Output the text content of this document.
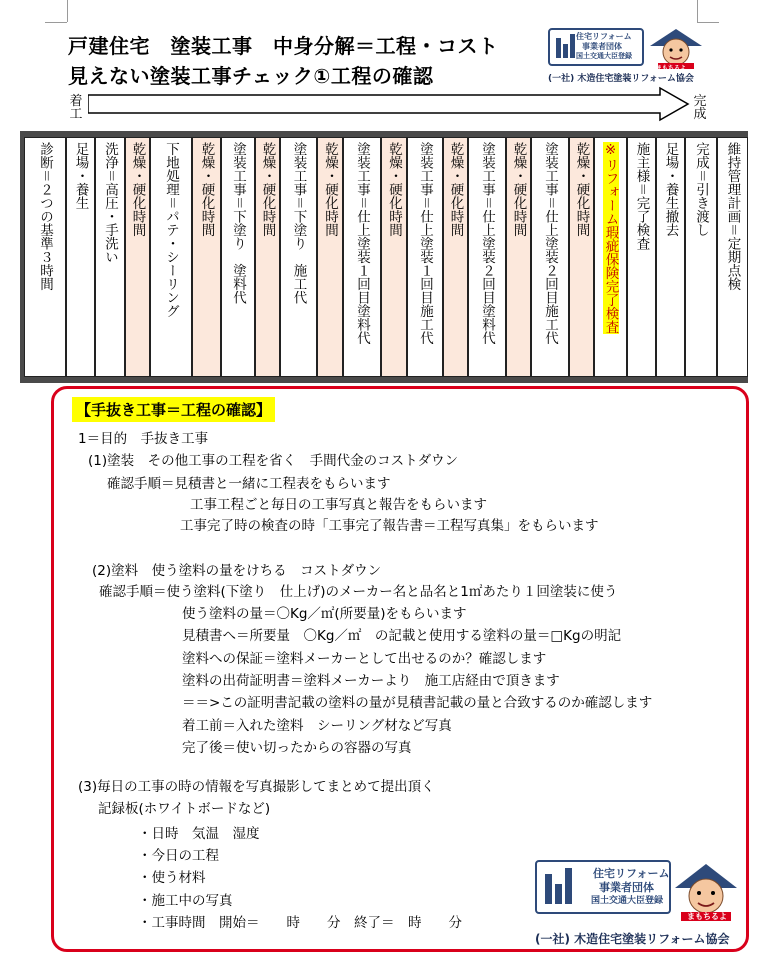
戸建住宅　塗装工事　中身分解＝工程・コスト
見えない塗装工事チェック①工程の確認
住宅リフォーム
事業者団体
国土交通大臣登録
(一社) 木造住宅塗装リフォーム協会
まもちるよ
着工
完成
診断＝２つの基準３時間 足場・養生 洗浄＝高圧・手洗い 乾燥・硬化時間 下地処理＝パテ・シーリング 乾燥・硬化時間 塗装工事＝下塗り　塗料代 乾燥・硬化時間 塗装工事＝下塗り　施工代 乾燥・硬化時間 塗装工事＝仕上塗装１回目塗料代 乾燥・硬化時間 塗装工事＝仕上塗装１回目施工代 乾燥・硬化時間 塗装工事＝仕上塗装２回目塗料代 乾燥・硬化時間 塗装工事＝仕上塗装２回目施工代 乾燥・硬化時間 ※リフォーム瑕疵保険完了検査 施主様＝完了検査 足場・養生撤去 完成＝引き渡し 維持管理計画＝定期点検
【手抜き工事＝工程の確認】
1＝目的　手抜き工事
(1)塗装　その他工事の工程を省く　手間代金のコストダウン
確認手順＝見積書と一緒に工程表をもらいます
工事工程ごと毎日の工事写真と報告をもらいます
工事完了時の検査の時「工事完了報告書＝工程写真集」をもらいます
(2)塗料　使う塗料の量をけちる　コストダウン
確認手順＝使う塗料(下塗り　仕上げ)のメーカー名と品名と1㎡あたり１回塗装に使う
使う塗料の量＝〇Kg／㎡(所要量)をもらいます
見積書へ＝所要量　〇Kg／㎡　の記載と使用する塗料の量＝□Kgの明記
塗料への保証＝塗料メーカーとして出せるのか？確認します
塗料の出荷証明書＝塗料メーカーより　施工店経由で頂きます
＝＝>この証明書記載の塗料の量が見積書記載の量と合致するのか確認します
着工前＝入れた塗料　シーリング材など写真
完了後＝使い切ったからの容器の写真
(3)毎日の工事の時の情報を写真撮影してまとめて提出頂く
記録板(ホワイトボードなど)
・日時　気温　湿度
・今日の工程
・使う材料
・施工中の写真
・工事時間　開始＝　　時　　分　終了＝　時　　分
住宅リフォーム
事業者団体
国土交通大臣登録
(一社) 木造住宅塗装リフォーム協会
まもちるよ
